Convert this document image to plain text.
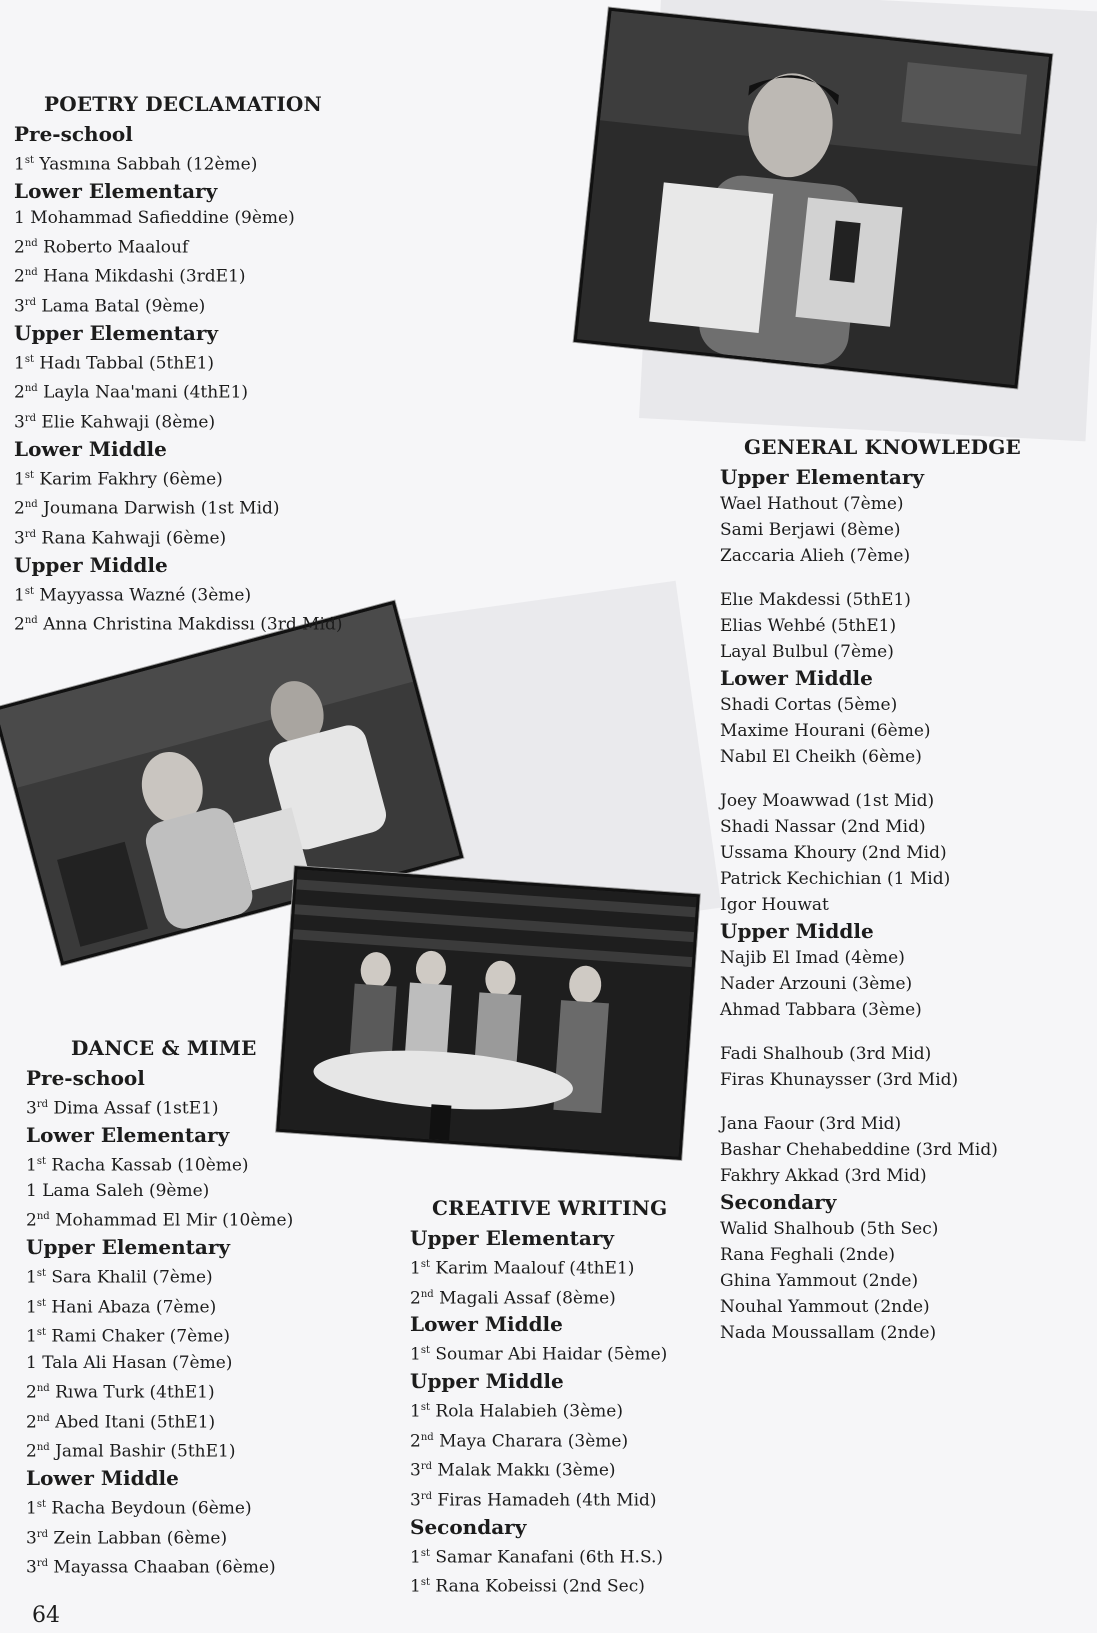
POETRY DECLAMATION
Pre-school
1st Yasmına Sabbah (12ème)
Lower Elementary
1 Mohammad Safieddine (9ème)
2nd Roberto Maalouf
2nd Hana Mikdashi (3rdE1)
3rd Lama Batal (9ème)
Upper Elementary
1st Hadı Tabbal (5thE1)
2nd Layla Naa'mani (4thE1)
3rd Elie Kahwaji (8ème)
Lower Middle
1st Karim Fakhry (6ème)
2nd Joumana Darwish (1st Mid)
3rd Rana Kahwaji (6ème)
Upper Middle
1st Mayyassa Wazné (3ème)
2nd Anna Christina Makdissı (3rd Mid)
DANCE & MIME
Pre-school
3rd Dima Assaf (1stE1)
Lower Elementary
1st Racha Kassab (10ème)
1 Lama Saleh (9ème)
2nd Mohammad El Mir (10ème)
Upper Elementary
1st Sara Khalil (7ème)
1st Hani Abaza (7ème)
1st Rami Chaker (7ème)
1 Tala Ali Hasan (7ème)
2nd Rıwa Turk (4thE1)
2nd Abed Itani (5thE1)
2nd Jamal Bashir (5thE1)
Lower Middle
1st Racha Beydoun (6ème)
3rd Zein Labban (6ème)
3rd Mayassa Chaaban (6ème)
CREATIVE WRITING
Upper Elementary
1st Karim Maalouf (4thE1)
2nd Magali Assaf (8ème)
Lower Middle
1st Soumar Abi Haidar (5ème)
Upper Middle
1st Rola Halabieh (3ème)
2nd Maya Charara (3ème)
3rd Malak Makkı (3ème)
3rd Firas Hamadeh (4th Mid)
Secondary
1st Samar Kanafani (6th H.S.)
1st Rana Kobeissi (2nd Sec)
GENERAL KNOWLEDGE
Upper Elementary
Wael Hathout (7ème)
Sami Berjawi (8ème)
Zaccaria Alieh (7ème)
Elıe Makdessi (5thE1)
Elias Wehbé (5thE1)
Layal Bulbul (7ème)
Lower Middle
Shadi Cortas (5ème)
Maxime Hourani (6ème)
Nabıl El Cheikh (6ème)
Joey Moawwad (1st Mid)
Shadi Nassar (2nd Mid)
Ussama Khoury (2nd Mid)
Patrick Kechichian (1 Mid)
Igor Houwat
Upper Middle
Najib El Imad (4ème)
Nader Arzouni (3ème)
Ahmad Tabbara (3ème)
Fadi Shalhoub (3rd Mid)
Firas Khunaysser (3rd Mid)
Jana Faour (3rd Mid)
Bashar Chehabeddine (3rd Mid)
Fakhry Akkad (3rd Mid)
Secondary
Walid Shalhoub (5th Sec)
Rana Feghali (2nde)
Ghina Yammout (2nde)
Nouhal Yammout (2nde)
Nada Moussallam (2nde)
64
